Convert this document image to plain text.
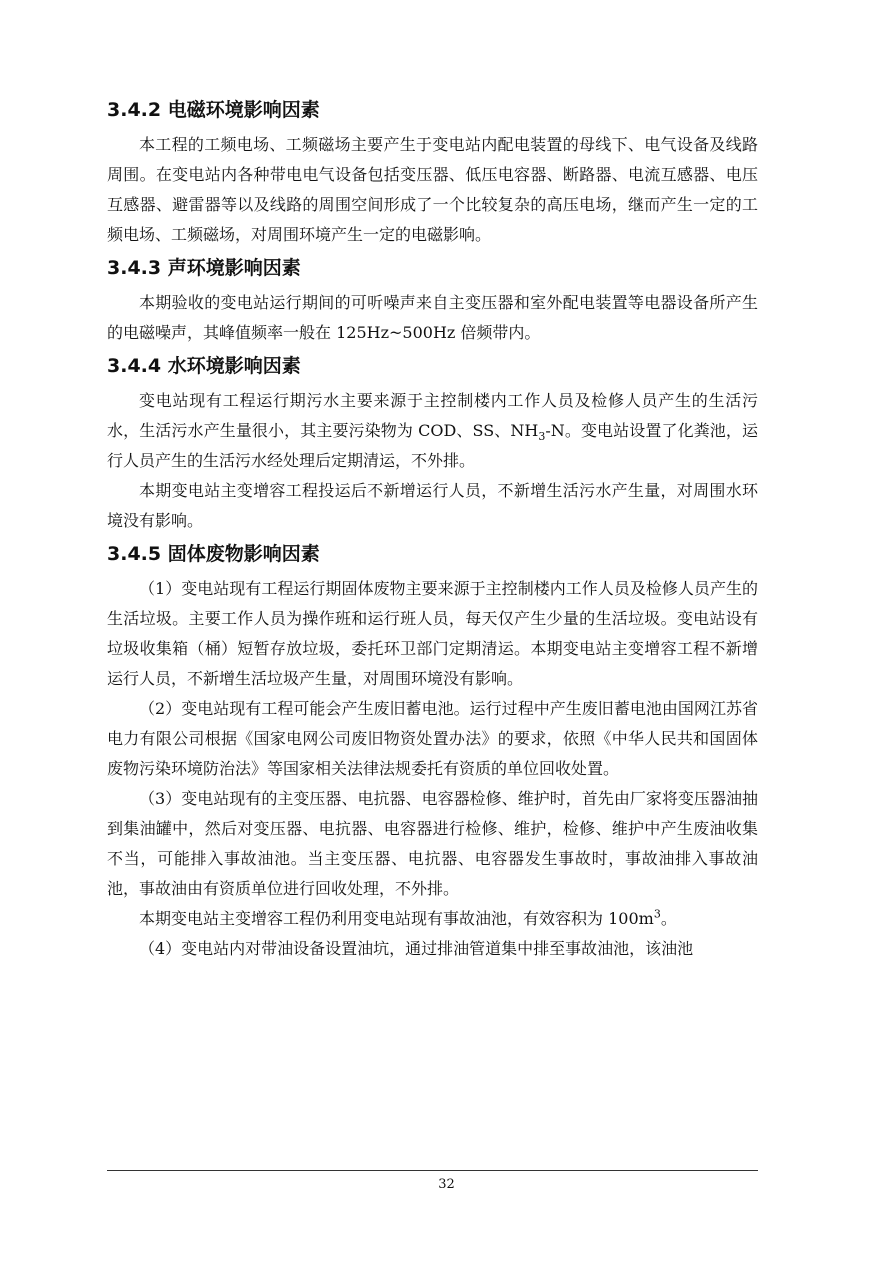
3.4.2 电磁环境影响因素

本工程的工频电场、工频磁场主要产生于变电站内配电装置的母线下、电气设备及线路周围。在变电站内各种带电电气设备包括变压器、低压电容器、断路器、电流互感器、电压互感器、避雷器等以及线路的周围空间形成了一个比较复杂的高压电场，继而产生一定的工频电场、工频磁场，对周围环境产生一定的电磁影响。

3.4.3 声环境影响因素

本期验收的变电站运行期间的可听噪声来自主变压器和室外配电装置等电器设备所产生的电磁噪声，其峰值频率一般在 125Hz~500Hz 倍频带内。

3.4.4 水环境影响因素

变电站现有工程运行期污水主要来源于主控制楼内工作人员及检修人员产生的生活污水，生活污水产生量很小，其主要污染物为 COD、SS、$NH_3-N$。变电站设置了化粪池，运行人员产生的生活污水经处理后定期清运，不外排。

本期变电站主变增容工程投运后不新增运行人员，不新增生活污水产生量，对周围水环境没有影响。

3.4.5 固体废物影响因素

（1）变电站现有工程运行期固体废物主要来源于主控制楼内工作人员及检修人员产生的生活垃圾。主要工作人员为操作班和运行班人员，每天仅产生少量的生活垃圾。变电站设有垃圾收集箱（桶）短暂存放垃圾，委托环卫部门定期清运。本期变电站主变增容工程不新增运行人员，不新增生活垃圾产生量，对周围环境没有影响。

（2）变电站现有工程可能会产生废旧蓄电池。运行过程中产生废旧蓄电池由国网江苏省电力有限公司根据《国家电网公司废旧物资处置办法》的要求，依照《中华人民共和国固体废物污染环境防治法》等国家相关法律法规委托有资质的单位回收处置。

（3）变电站现有的主变压器、电抗器、电容器检修、维护时，首先由厂家将变压器油抽到集油罐中，然后对变压器、电抗器、电容器进行检修、维护，检修、维护中产生废油收集不当，可能排入事故油池。当主变压器、电抗器、电容器发生事故时，事故油排入事故油池，事故油由有资质单位进行回收处理，不外排。

本期变电站主变增容工程仍利用变电站现有事故油池，有效容积为 $100m^3$。

（4）变电站内对带油设备设置油坑，通过排油管道集中排至事故油池，该油池

32
